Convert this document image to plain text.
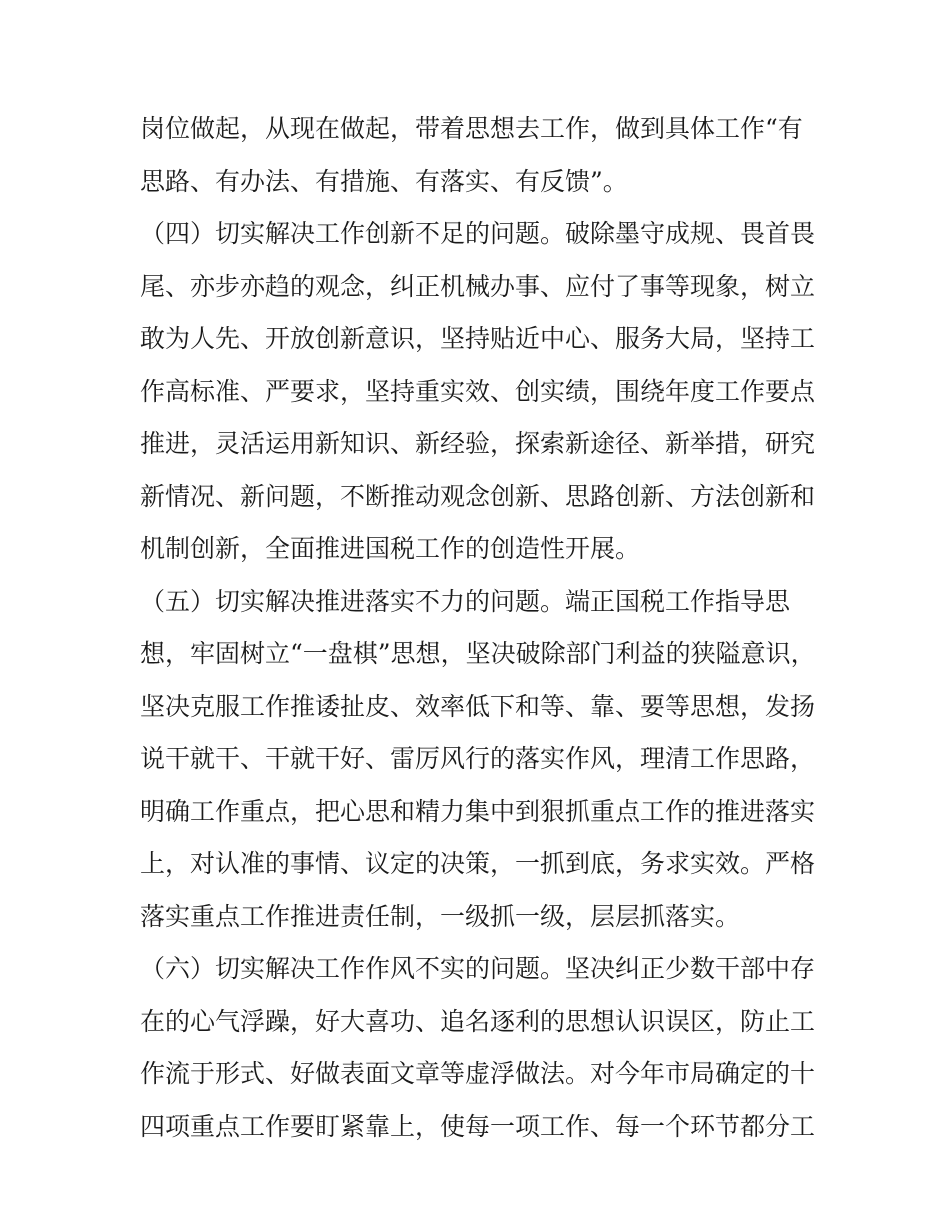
岗位做起，从现在做起，带着思想去工作，做到具体工作“有
思路、有办法、有措施、有落实、有反馈”。
（四）切实解决工作创新不足的问题。破除墨守成规、畏首畏
尾、亦步亦趋的观念，纠正机械办事、应付了事等现象，树立
敢为人先、开放创新意识，坚持贴近中心、服务大局，坚持工
作高标准、严要求，坚持重实效、创实绩，围绕年度工作要点
推进，灵活运用新知识、新经验，探索新途径、新举措，研究
新情况、新问题，不断推动观念创新、思路创新、方法创新和
机制创新，全面推进国税工作的创造性开展。
（五）切实解决推进落实不力的问题。端正国税工作指导思
想，牢固树立“一盘棋”思想，坚决破除部门利益的狭隘意识，
坚决克服工作推诿扯皮、效率低下和等、靠、要等思想，发扬
说干就干、干就干好、雷厉风行的落实作风，理清工作思路，
明确工作重点，把心思和精力集中到狠抓重点工作的推进落实
上，对认准的事情、议定的决策，一抓到底，务求实效。严格
落实重点工作推进责任制，一级抓一级，层层抓落实。
（六）切实解决工作作风不实的问题。坚决纠正少数干部中存
在的心气浮躁，好大喜功、追名逐利的思想认识误区，防止工
作流于形式、好做表面文章等虚浮做法。对今年市局确定的十
四项重点工作要盯紧靠上，使每一项工作、每一个环节都分工
